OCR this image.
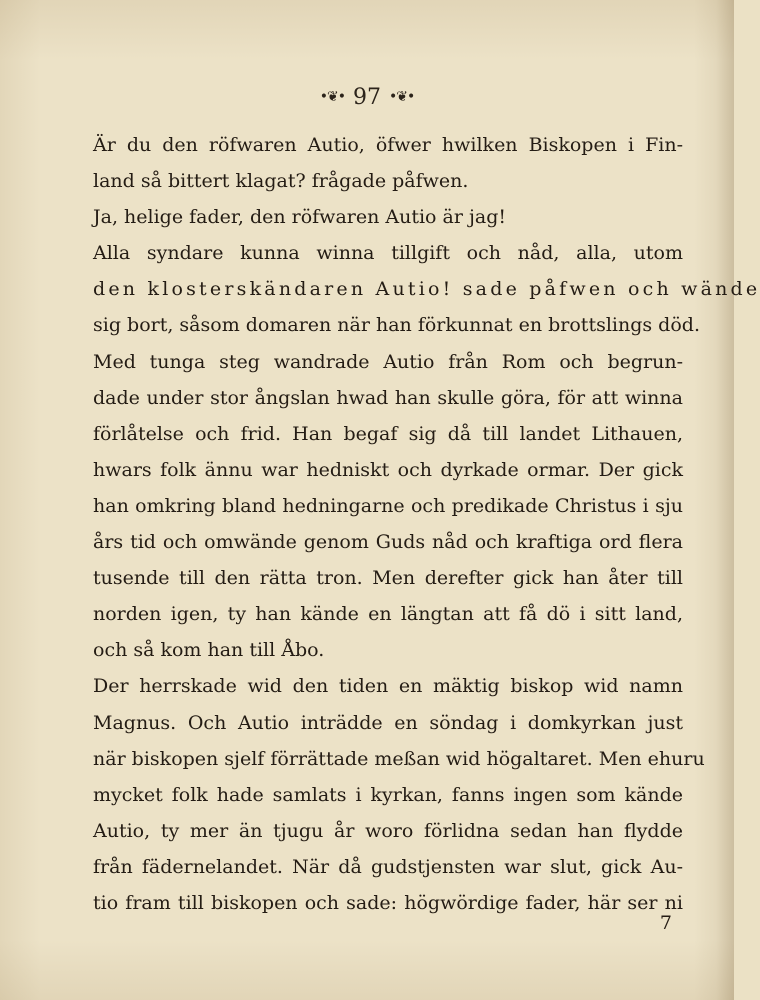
•❦• 97 •❦•
Är du den röfwaren Autio, öfwer hwilken Biskopen i Fin-
land så bittert klagat? frågade påfwen.
Ja, helige fader, den röfwaren Autio är jag!
Alla syndare kunna winna tillgift och nåd, alla, utom
den klosterskändaren Autio! sade påfwen och wände
sig bort, såsom domaren när han förkunnat en brottslings död.
Med tunga steg wandrade Autio från Rom och begrun-
dade under stor ångslan hwad han skulle göra, för att winna
förlåtelse och frid. Han begaf sig då till landet Lithauen,
hwars folk ännu war hedniskt och dyrkade ormar. Der gick
han omkring bland hedningarne och predikade Christus i sju
års tid och omwände genom Guds nåd och kraftiga ord flera
tusende till den rätta tron. Men derefter gick han åter till
norden igen, ty han kände en längtan att få dö i sitt land,
och så kom han till Åbo.
Der herrskade wid den tiden en mäktig biskop wid namn
Magnus. Och Autio inträdde en söndag i domkyrkan just
när biskopen sjelf förrättade meßan wid högaltaret. Men ehuru
mycket folk hade samlats i kyrkan, fanns ingen som kände
Autio, ty mer än tjugu år woro förlidna sedan han flydde
från fädernelandet. När då gudstjensten war slut, gick Au-
tio fram till biskopen och sade: högwördige fader, här ser ni
7
